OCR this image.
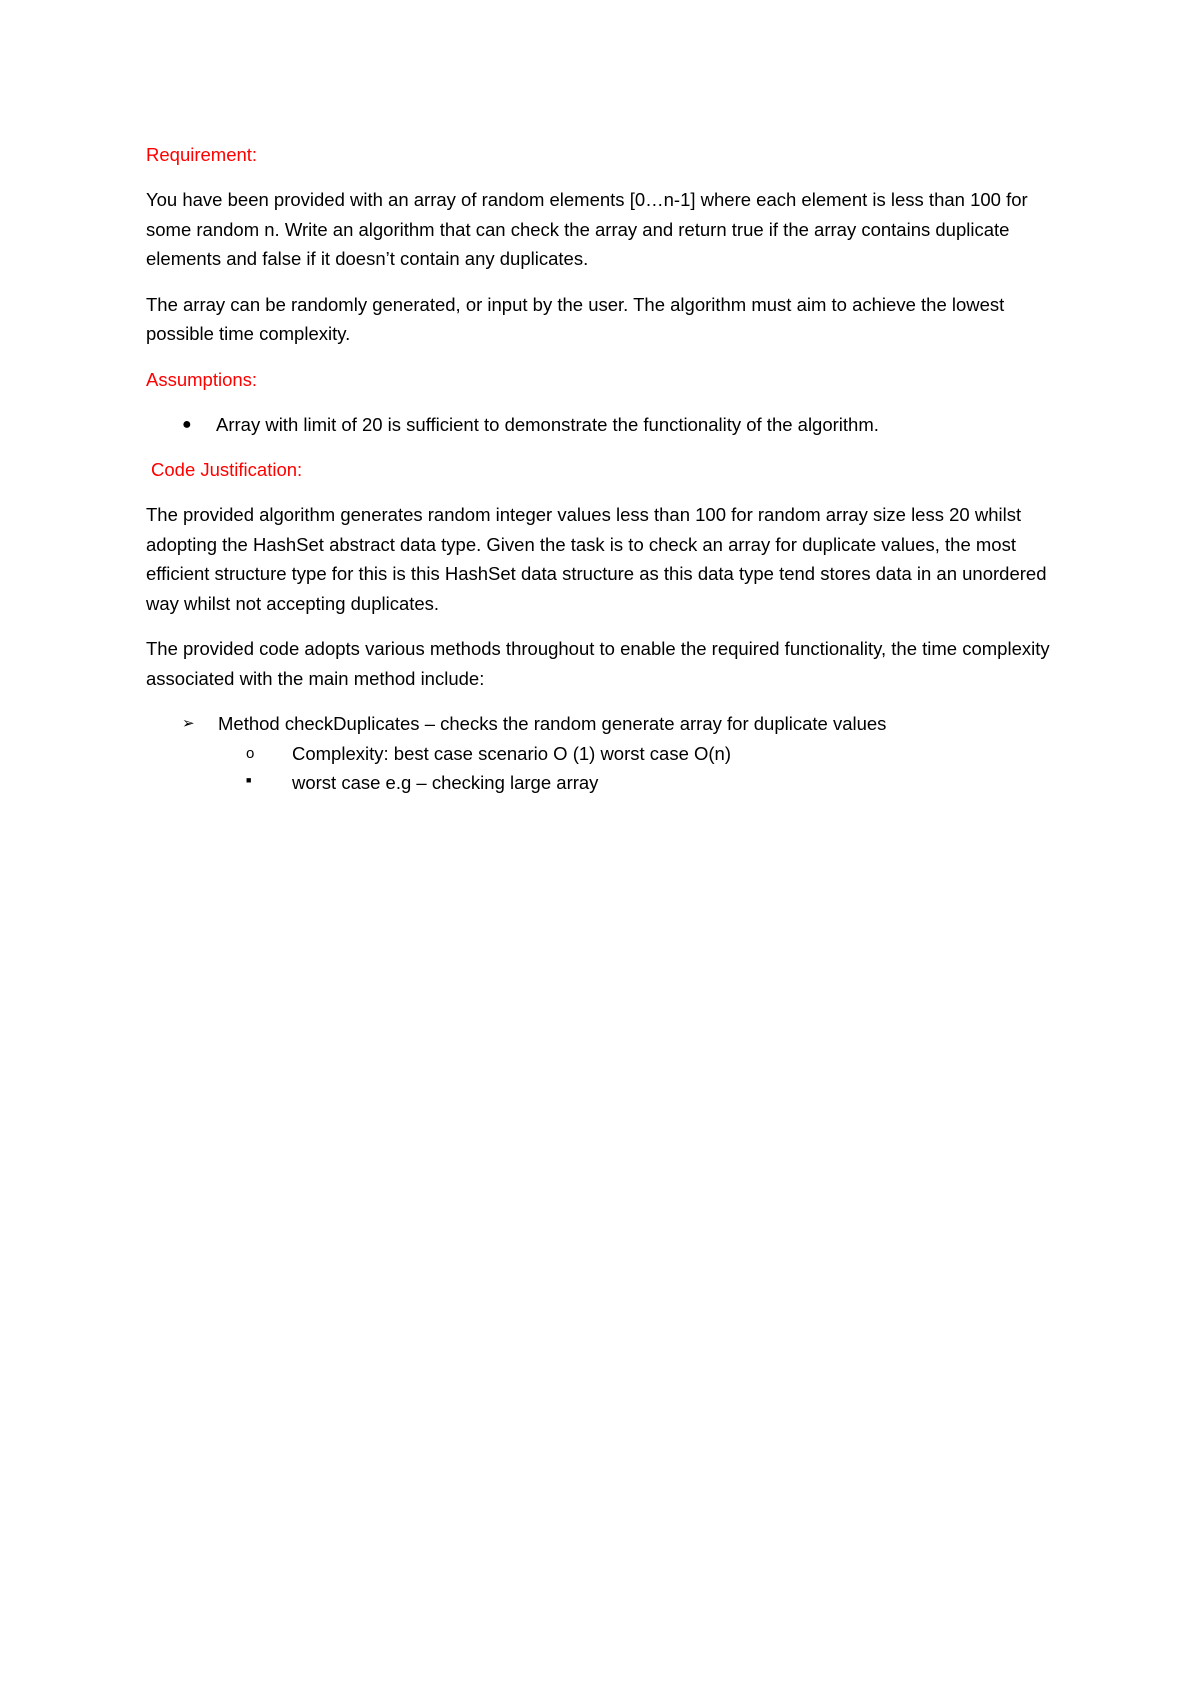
Requirement:

You have been provided with an array of random elements [0…n-1] where each element is less than 100 for some random n. Write an algorithm that can check the array and return true if the array contains duplicate elements and false if it doesn’t contain any duplicates.

The array can be randomly generated, or input by the user. The algorithm must aim to achieve the lowest possible time complexity.

Assumptions:
●	Array with limit of 20 is sufficient to demonstrate the functionality of the algorithm.
Code Justification:

The provided algorithm generates random integer values less than 100 for random array size less 20 whilst adopting the HashSet abstract data type. Given the task is to check an array for duplicate values, the most efficient structure type for this is this HashSet data structure as this data type tend stores data in an unordered way whilst not accepting duplicates.

The provided code adopts various methods throughout to enable the required functionality, the time complexity associated with the main method include:

➢	Method checkDuplicates – checks the random generate array for duplicate values
o	Complexity: best case scenario O (1) worst case O(n)
■	worst case e.g – checking large array
